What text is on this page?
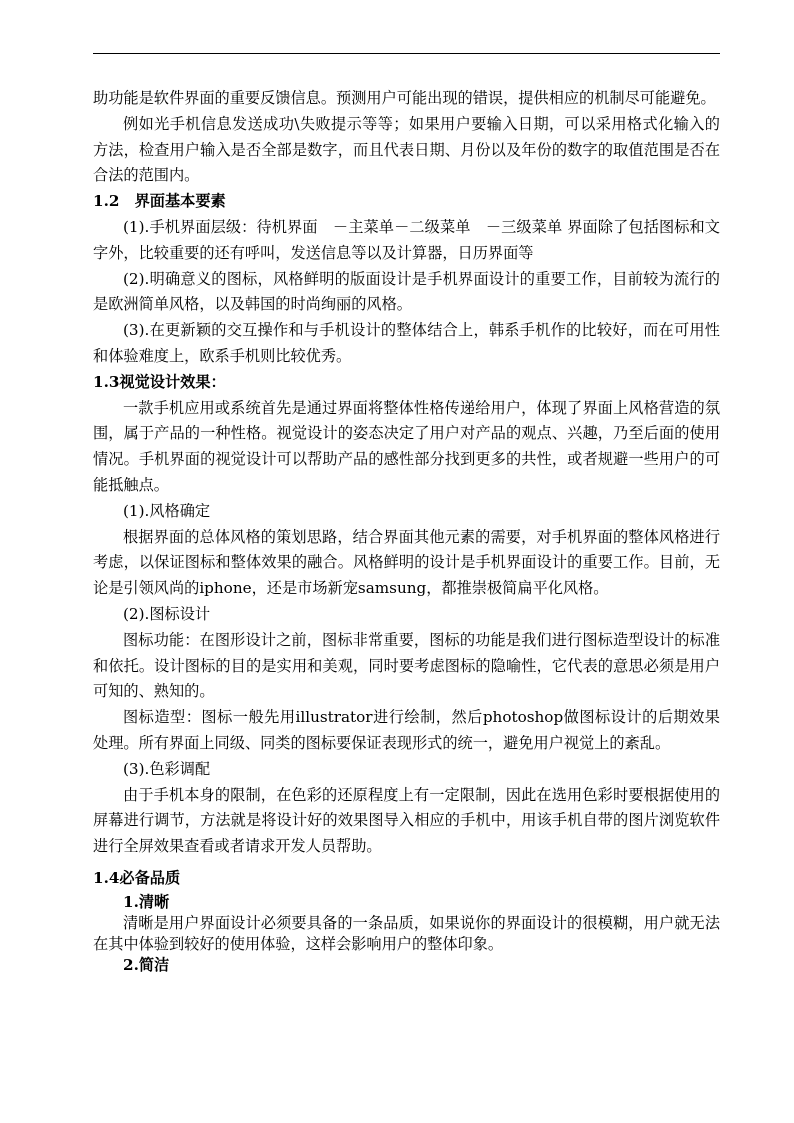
助功能是软件界面的重要反馈信息。预测用户可能出现的错误，提供相应的机制尽可能避免。

例如光手机信息发送成功\失败提示等等；如果用户要输入日期，可以采用格式化输入的方法，检查用户输入是否全部是数字，而且代表日期、月份以及年份的数字的取值范围是否在合法的范围内。

1.2　界面基本要素

(1).手机界面层级：待机界面　－主菜单－二级菜单　－三级菜单 界面除了包括图标和文字外，比较重要的还有呼叫，发送信息等以及计算器，日历界面等

(2).明确意义的图标，风格鲜明的版面设计是手机界面设计的重要工作，目前较为流行的是欧洲简单风格，以及韩国的时尚绚丽的风格。

(3).在更新颖的交互操作和与手机设计的整体结合上，韩系手机作的比较好，而在可用性和体验难度上，欧系手机则比较优秀。

1.3视觉设计效果：

一款手机应用或系统首先是通过界面将整体性格传递给用户，体现了界面上风格营造的氛围，属于产品的一种性格。视觉设计的姿态决定了用户对产品的观点、兴趣，乃至后面的使用情况。手机界面的视觉设计可以帮助产品的感性部分找到更多的共性，或者规避一些用户的可能抵触点。

(1).风格确定

根据界面的总体风格的策划思路，结合界面其他元素的需要，对手机界面的整体风格进行考虑，以保证图标和整体效果的融合。风格鲜明的设计是手机界面设计的重要工作。目前，无论是引领风尚的iphone，还是市场新宠samsung，都推崇极简扁平化风格。

(2).图标设计

图标功能：在图形设计之前，图标非常重要，图标的功能是我们进行图标造型设计的标准和依托。设计图标的目的是实用和美观，同时要考虑图标的隐喻性，它代表的意思必须是用户可知的、熟知的。

图标造型：图标一般先用illustrator进行绘制，然后photoshop做图标设计的后期效果处理。所有界面上同级、同类的图标要保证表现形式的统一，避免用户视觉上的紊乱。

(3).色彩调配

由于手机本身的限制，在色彩的还原程度上有一定限制，因此在选用色彩时要根据使用的屏幕进行调节，方法就是将设计好的效果图导入相应的手机中，用该手机自带的图片浏览软件进行全屏效果查看或者请求开发人员帮助。

1.4必备品质

1.清晰

清晰是用户界面设计必须要具备的一条品质，如果说你的界面设计的很模糊，用户就无法在其中体验到较好的使用体验，这样会影响用户的整体印象。

2.简洁
